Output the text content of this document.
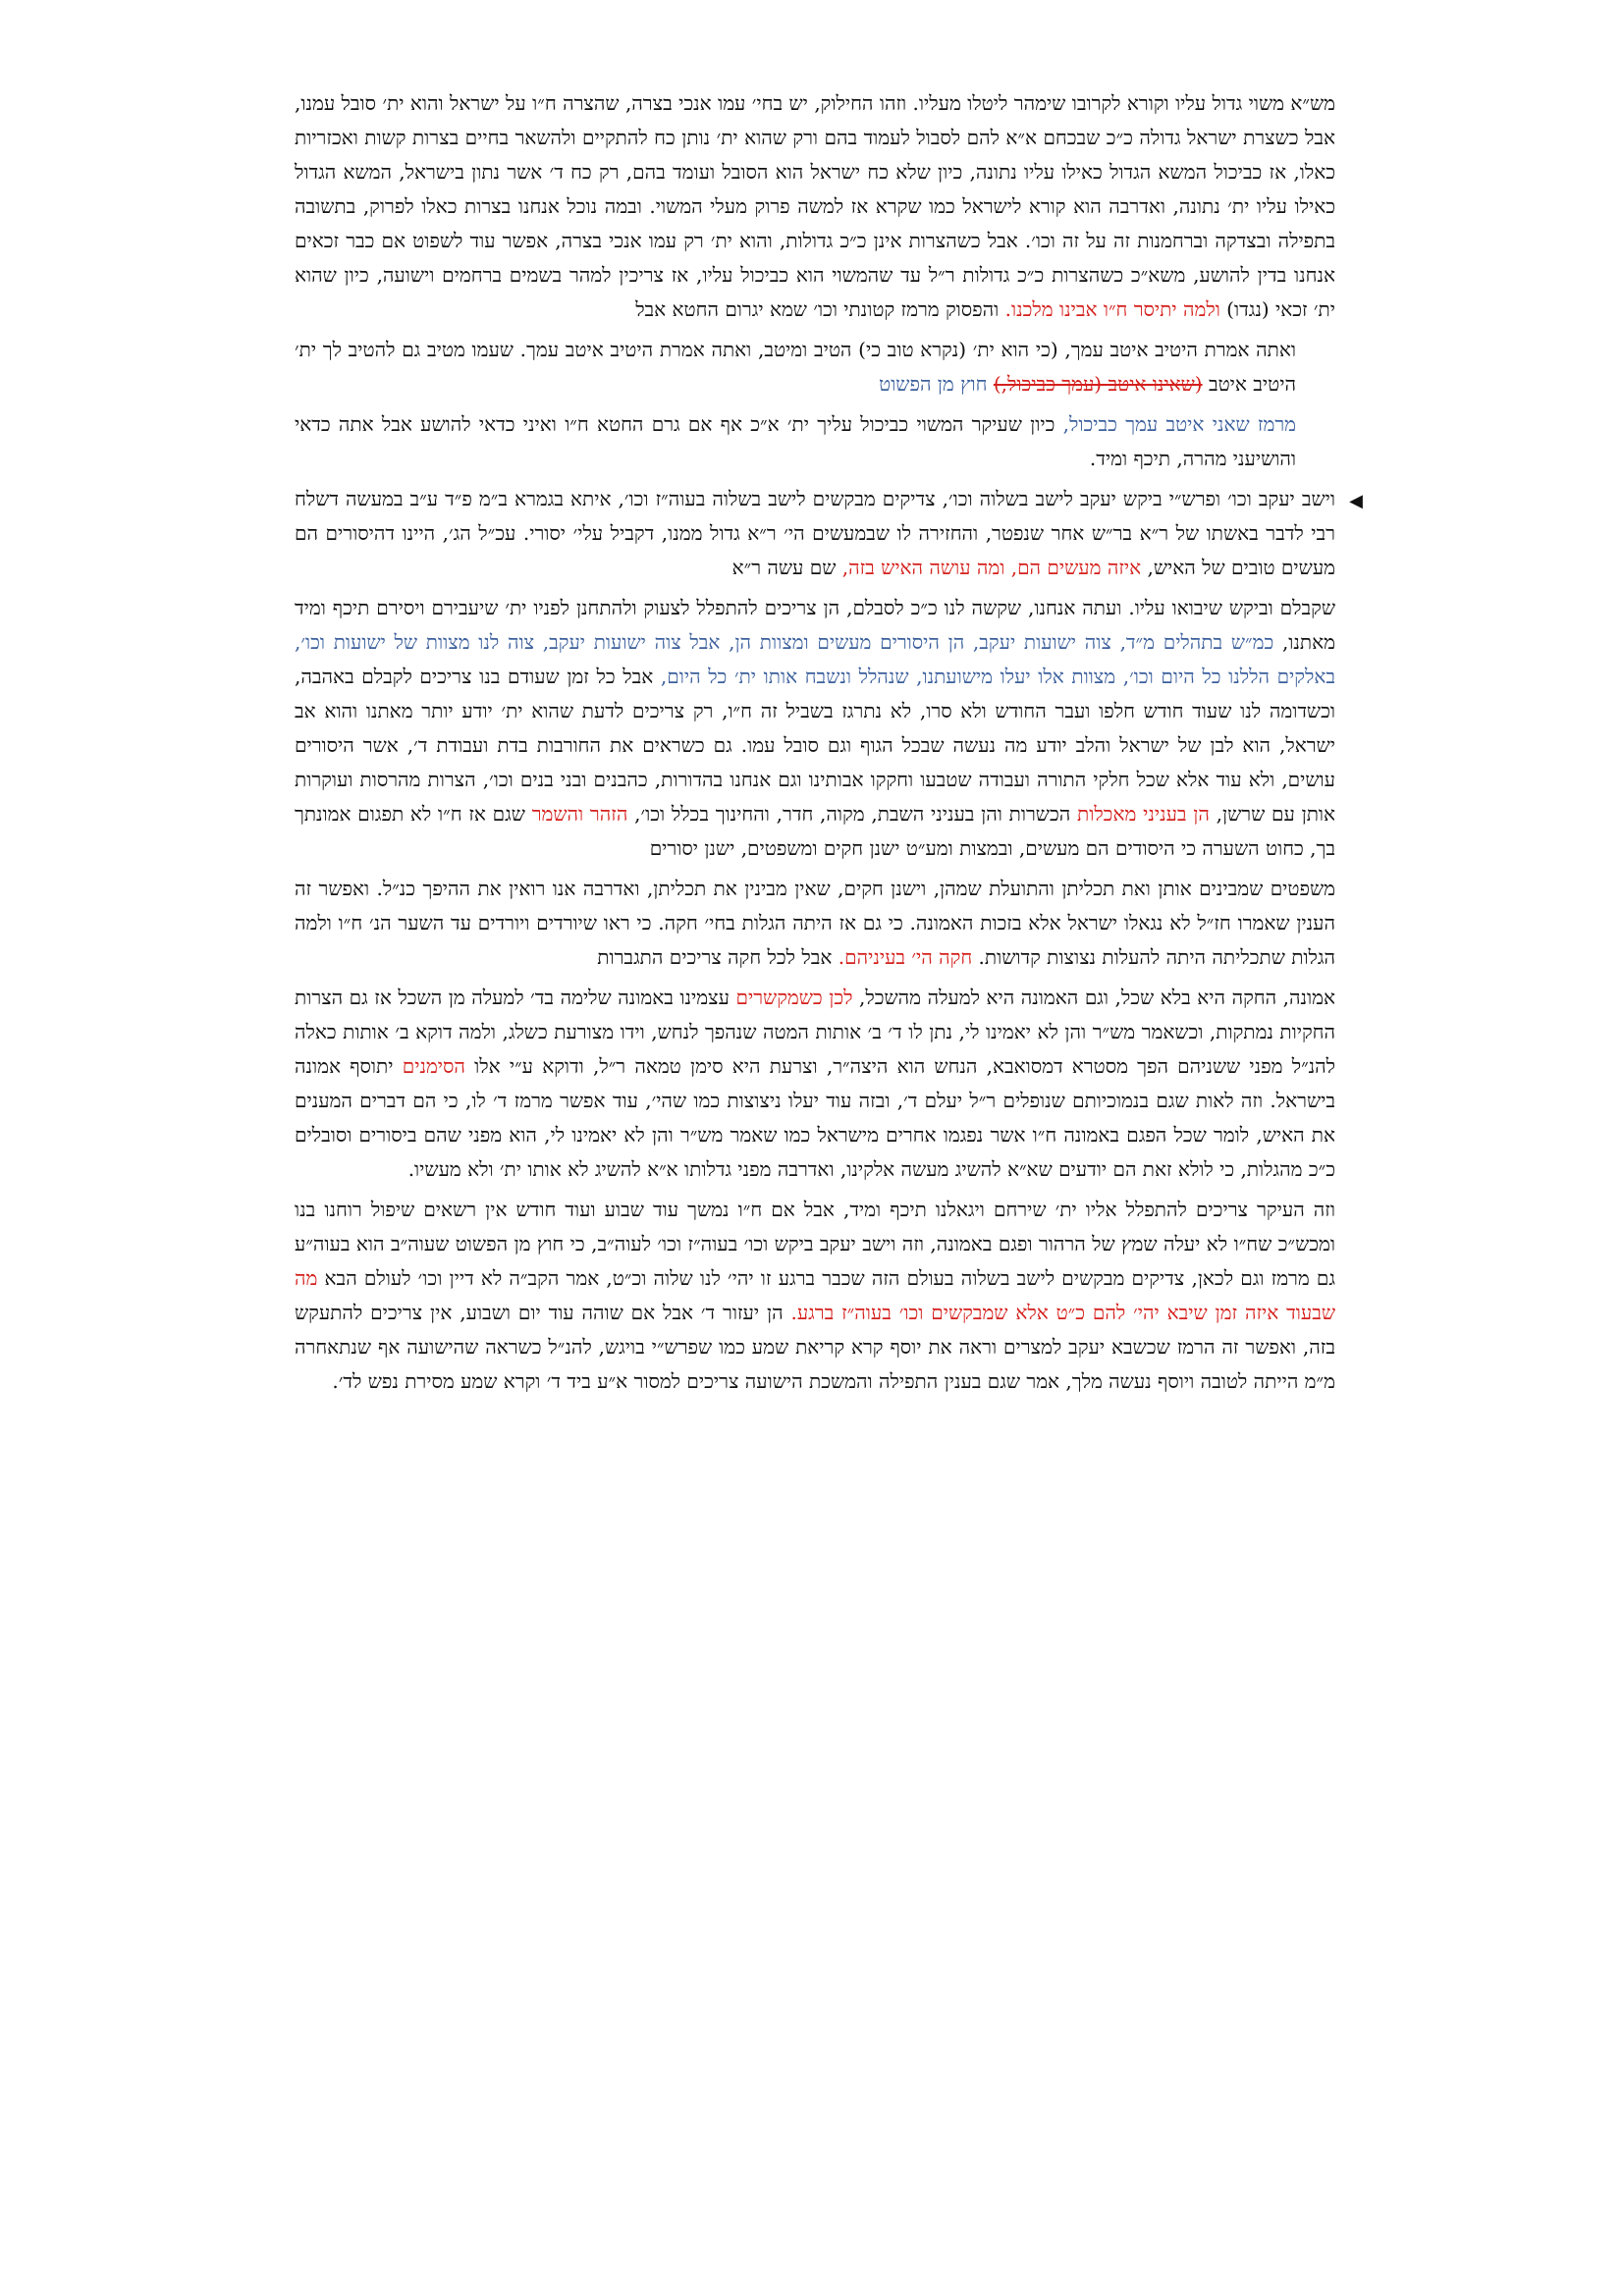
מש״א משוי גדול עליו וקורא לקרובו שימהר ליטלו מעליו. וזהו החילוק, יש בחי׳ עמו אנכי בצרה, שהצרה ח״ו על ישראל והוא ית׳ סובל עמנו, אבל כשצרת ישראל גדולה כ״כ שבכחם א״א להם לסבול לעמוד בהם ורק שהוא ית׳ נותן כח להתקיים ולהשאר בחיים בצרות קשות ואכזריות כאלו, אז כביכול המשא הגדול כאילו עליו נתונה, כיון שלא כח ישראל הוא הסובל ועומד בהם, רק כח ד׳ אשר נתון בישראל, המשא הגדול כאילו עליו ית׳ נתונה, ואדרבה הוא קורא לישראל כמו שקרא אז למשה פרוק מעלי המשוי. ובמה נוכל אנחנו בצרות כאלו לפרוק, בתשובה בתפילה ובצדקה וברחמנות זה על זה וכו׳. אבל כשהצרות אינן כ״כ גדולות, והוא ית׳ רק עמו אנכי בצרה, אפשר עוד לשפוט אם כבר זכאים אנחנו בדין להושע, משא״כ כשהצרות כ״כ גדולות ר״ל עד שהמשוי הוא כביכול עליו, אז צריכין למהר בשמים ברחמים וישועה, כיון שהוא ית׳ זכאי (נגדו) ולמה יתיסר ח״ו אבינו מלכנו. והפסוק מרמז קטונתי וכו׳ שמא יגרום החטא אבל

ואתה אמרת היטיב איטב עמך, (כי הוא ית׳ (נקרא טוב כי) הטיב ומיטב, ואתה אמרת היטיב איטב עמך. שעמו מטיב גם להטיב לך ית׳ היטיב איטב (שאינו איטב (עמך כביכול,) חוץ מן הפשוט

מרמז שאני איטב עמך כביכול, כיון שעיקר המשוי כביכול עליך ית׳ א״כ אף אם גרם החטא ח״ו ואיני כדאי להושע אבל אתה כדאי והושיעני מהרה, תיכף ומיד.

◀
וישב יעקב וכו׳ ופרש״י ביקש יעקב לישב בשלוה וכו׳, צדיקים מבקשים לישב בשלוה בעוה״ז וכו׳, איתא בגמרא ב״מ פ״ד ע״ב במעשה דשלח רבי לדבר באשתו של ר״א בר״ש אחר שנפטר, והחזירה לו שבמעשים הי׳ ר״א גדול ממנו, דקביל עלי׳ יסורי. עכ״ל הג׳, היינו דהיסורים הם מעשים טובים של האיש, איזה מעשים הם, ומה עושה האיש בזה, שם עשה ר״א

שקבלם וביקש שיבואו עליו. ועתה אנחנו, שקשה לנו כ״כ לסבלם, הן צריכים להתפלל לצעוק ולהתחנן לפניו ית׳ שיעבירם ויסירם תיכף ומיד מאתנו, כמ״ש בתהלים מ״ד, צוה ישועות יעקב, הן היסורים מעשים ומצוות הן, אבל צוה ישועות יעקב, צוה לנו מצוות של ישועות וכו׳, באלקים הללנו כל היום וכו׳, מצוות אלו יעלו מישועתנו, שנהלל ונשבח אותו ית׳ כל היום, אבל כל זמן שעודם בנו צריכים לקבלם באהבה, וכשדומה לנו שעוד חודש חלפו ועבר החודש ולא סרו, לא נתרגז בשביל זה ח״ו, רק צריכים לדעת שהוא ית׳ יודע יותר מאתנו והוא אב ישראל, הוא לבן של ישראל והלב יודע מה נעשה שבכל הגוף וגם סובל עמו. גם כשראים את החורבות בדת ועבודת ד׳, אשר היסורים עושים, ולא עוד אלא שכל חלקי התורה ועבודה שטבעו וחקקו אבותינו וגם אנחנו בהדורות, כהבנים ובני בנים וכו׳, הצרות מהרסות ועוקרות אותן עם שרשן, הן בעניני מאכלות הכשרות והן בעניני השבת, מקוה, חדר, והחינוך בכלל וכו׳, הזהר והשמר שגם אז ח״ו לא תפגום אמונתך בך, כחוט השערה כי היסודים הם מעשים, ובמצות ומע״ט ישנן חקים ומשפטים, ישנן יסורים

משפטים שמבינים אותן ואת תכליתן והתועלת שמהן, וישנן חקים, שאין מבינין את תכליתן, ואדרבה אנו רואין את ההיפך כנ״ל. ואפשר זה הענין שאמרו חז״ל לא נגאלו ישראל אלא בזכות האמונה. כי גם אז היתה הגלות בחי׳ חקה. כי ראו שיורדים ויורדים עד השער הנ׳ ח״ו ולמה הגלות שתכליתה היתה להעלות נצוצות קדושות. חקה הי׳ בעיניהם. אבל לכל חקה צריכים התגברות

אמונה, החקה היא בלא שכל, וגם האמונה היא למעלה מהשכל, לכן כשמקשרים עצמינו באמונה שלימה בד׳ למעלה מן השכל אז גם הצרות החקיות נמתקות, וכשאמר מש״ר והן לא יאמינו לי, נתן לו ד׳ ב׳ אותות המטה שנהפך לנחש, וידו מצורעת כשלג, ולמה דוקא ב׳ אותות כאלה להנ״ל מפני ששניהם הפך מסטרא דמסואבא, הנחש הוא היצה״ר, וצרעת היא סימן טמאה ר״ל, ודוקא ע״י אלו הסימנים יתוסף אמונה בישראל. וזה לאות שגם בנמוכיותם שנופלים ר״ל יעלם ד׳, ובזה עוד יעלו ניצוצות כמו שהי׳, עוד אפשר מרמז ד׳ לו, כי הם דברים המענים את האיש, לומר שכל הפגם באמונה ח״ו אשר נפגמו אחרים מישראל כמו שאמר מש״ר והן לא יאמינו לי, הוא מפני שהם ביסורים וסובלים כ״כ מהגלות, כי לולא זאת הם יודעים שא״א להשיג מעשה אלקינו, ואדרבה מפני גדלותו א״א להשיג לא אותו ית׳ ולא מעשיו.

וזה העיקר צריכים להתפלל אליו ית׳ שירחם ויגאלנו תיכף ומיד, אבל אם ח״ו נמשך עוד שבוע ועוד חודש אין רשאים שיפול רוחנו בנו ומכש״כ שח״ו לא יעלה שמץ של הרהור ופגם באמונה, וזה וישב יעקב ביקש וכו׳ בעוה״ז וכו׳ לעוה״ב, כי חוץ מן הפשוט שעוה״ב הוא בעוה״ע גם מרמז וגם לכאן, צדיקים מבקשים לישב בשלוה בעולם הזה שכבר ברגע זו יהי׳ לנו שלוה וכ״ט, אמר הקב״ה לא דיין וכו׳ לעולם הבא מה שבעוד איזה זמן שיבא יהי׳ להם כ״ט אלא שמבקשים וכו׳ בעוה״ז ברגע. הן יעזור ד׳ אבל אם שוהה עוד יום ושבוע, אין צריכים להתעקש בזה, ואפשר זה הרמז שכשבא יעקב למצרים וראה את יוסף קרא קריאת שמע כמו שפרש״י בויגש, להנ״ל כשראה שהישועה אף שנתאחרה מ״מ הייתה לטובה ויוסף נעשה מלך, אמר שגם בענין התפילה והמשכת הישועה צריכים למסור א״ע ביד ד׳ וקרא שמע מסירת נפש לד׳.
